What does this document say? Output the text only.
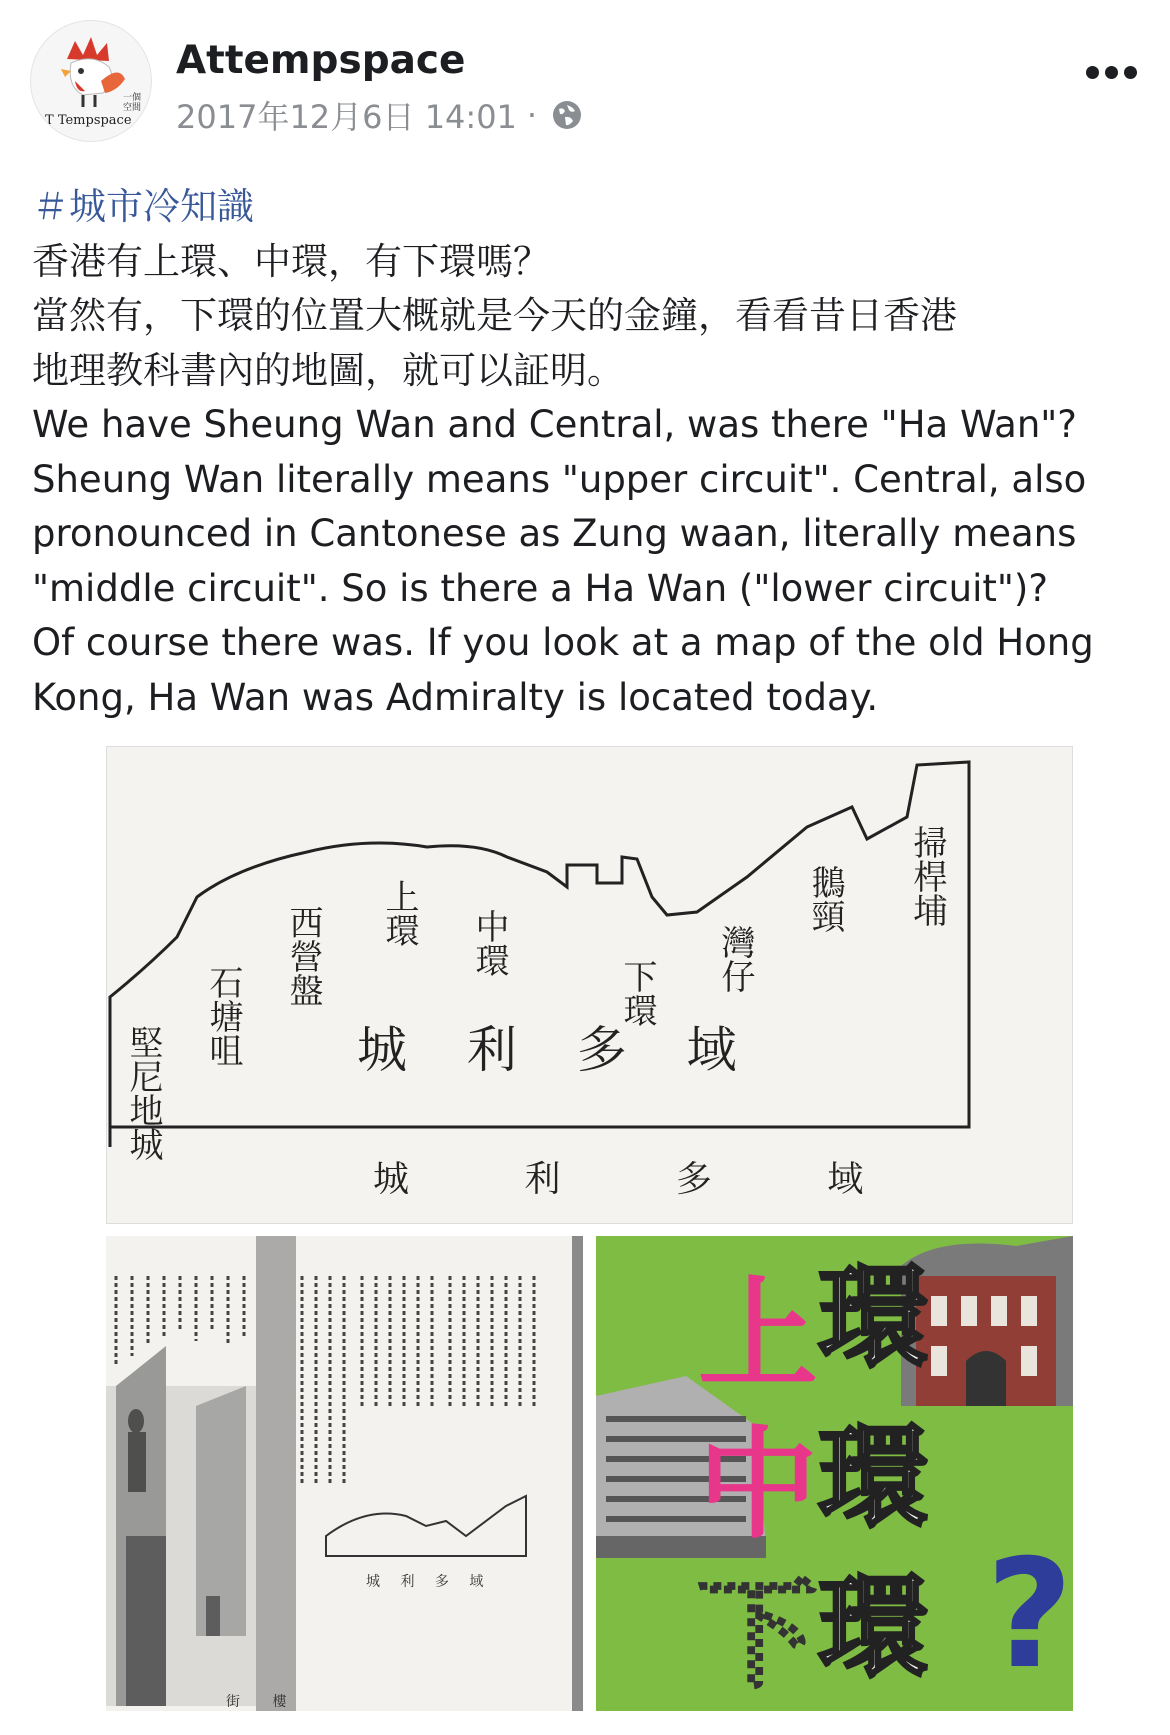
一個空間
T Tempspace
Attempspace
2017年12月6日 14:01 ·
＃城市冷知識
香港有上環、中環，有下環嗎？
當然有，下環的位置大概就是今天的金鐘，看看昔日香港
地理教科書內的地圖，就可以証明。
We have Sheung Wan and Central, was there "Ha Wan"?
Sheung Wan literally means "upper circuit". Central, also
pronounced in Cantonese as Zung waan, literally means
"middle circuit". So is there a Ha Wan ("lower circuit")?
Of course there was. If you look at a map of the old Hong
Kong, Ha Wan was Admiralty is located today.
堅尼地城
石塘咀
西營盤 上環 中環
下環 灣仔
鵝頸 掃桿埔
城 利 多 域
城 利 多 域
城 利 多 域
街 樓
上 環
中 環
下 環 ?
